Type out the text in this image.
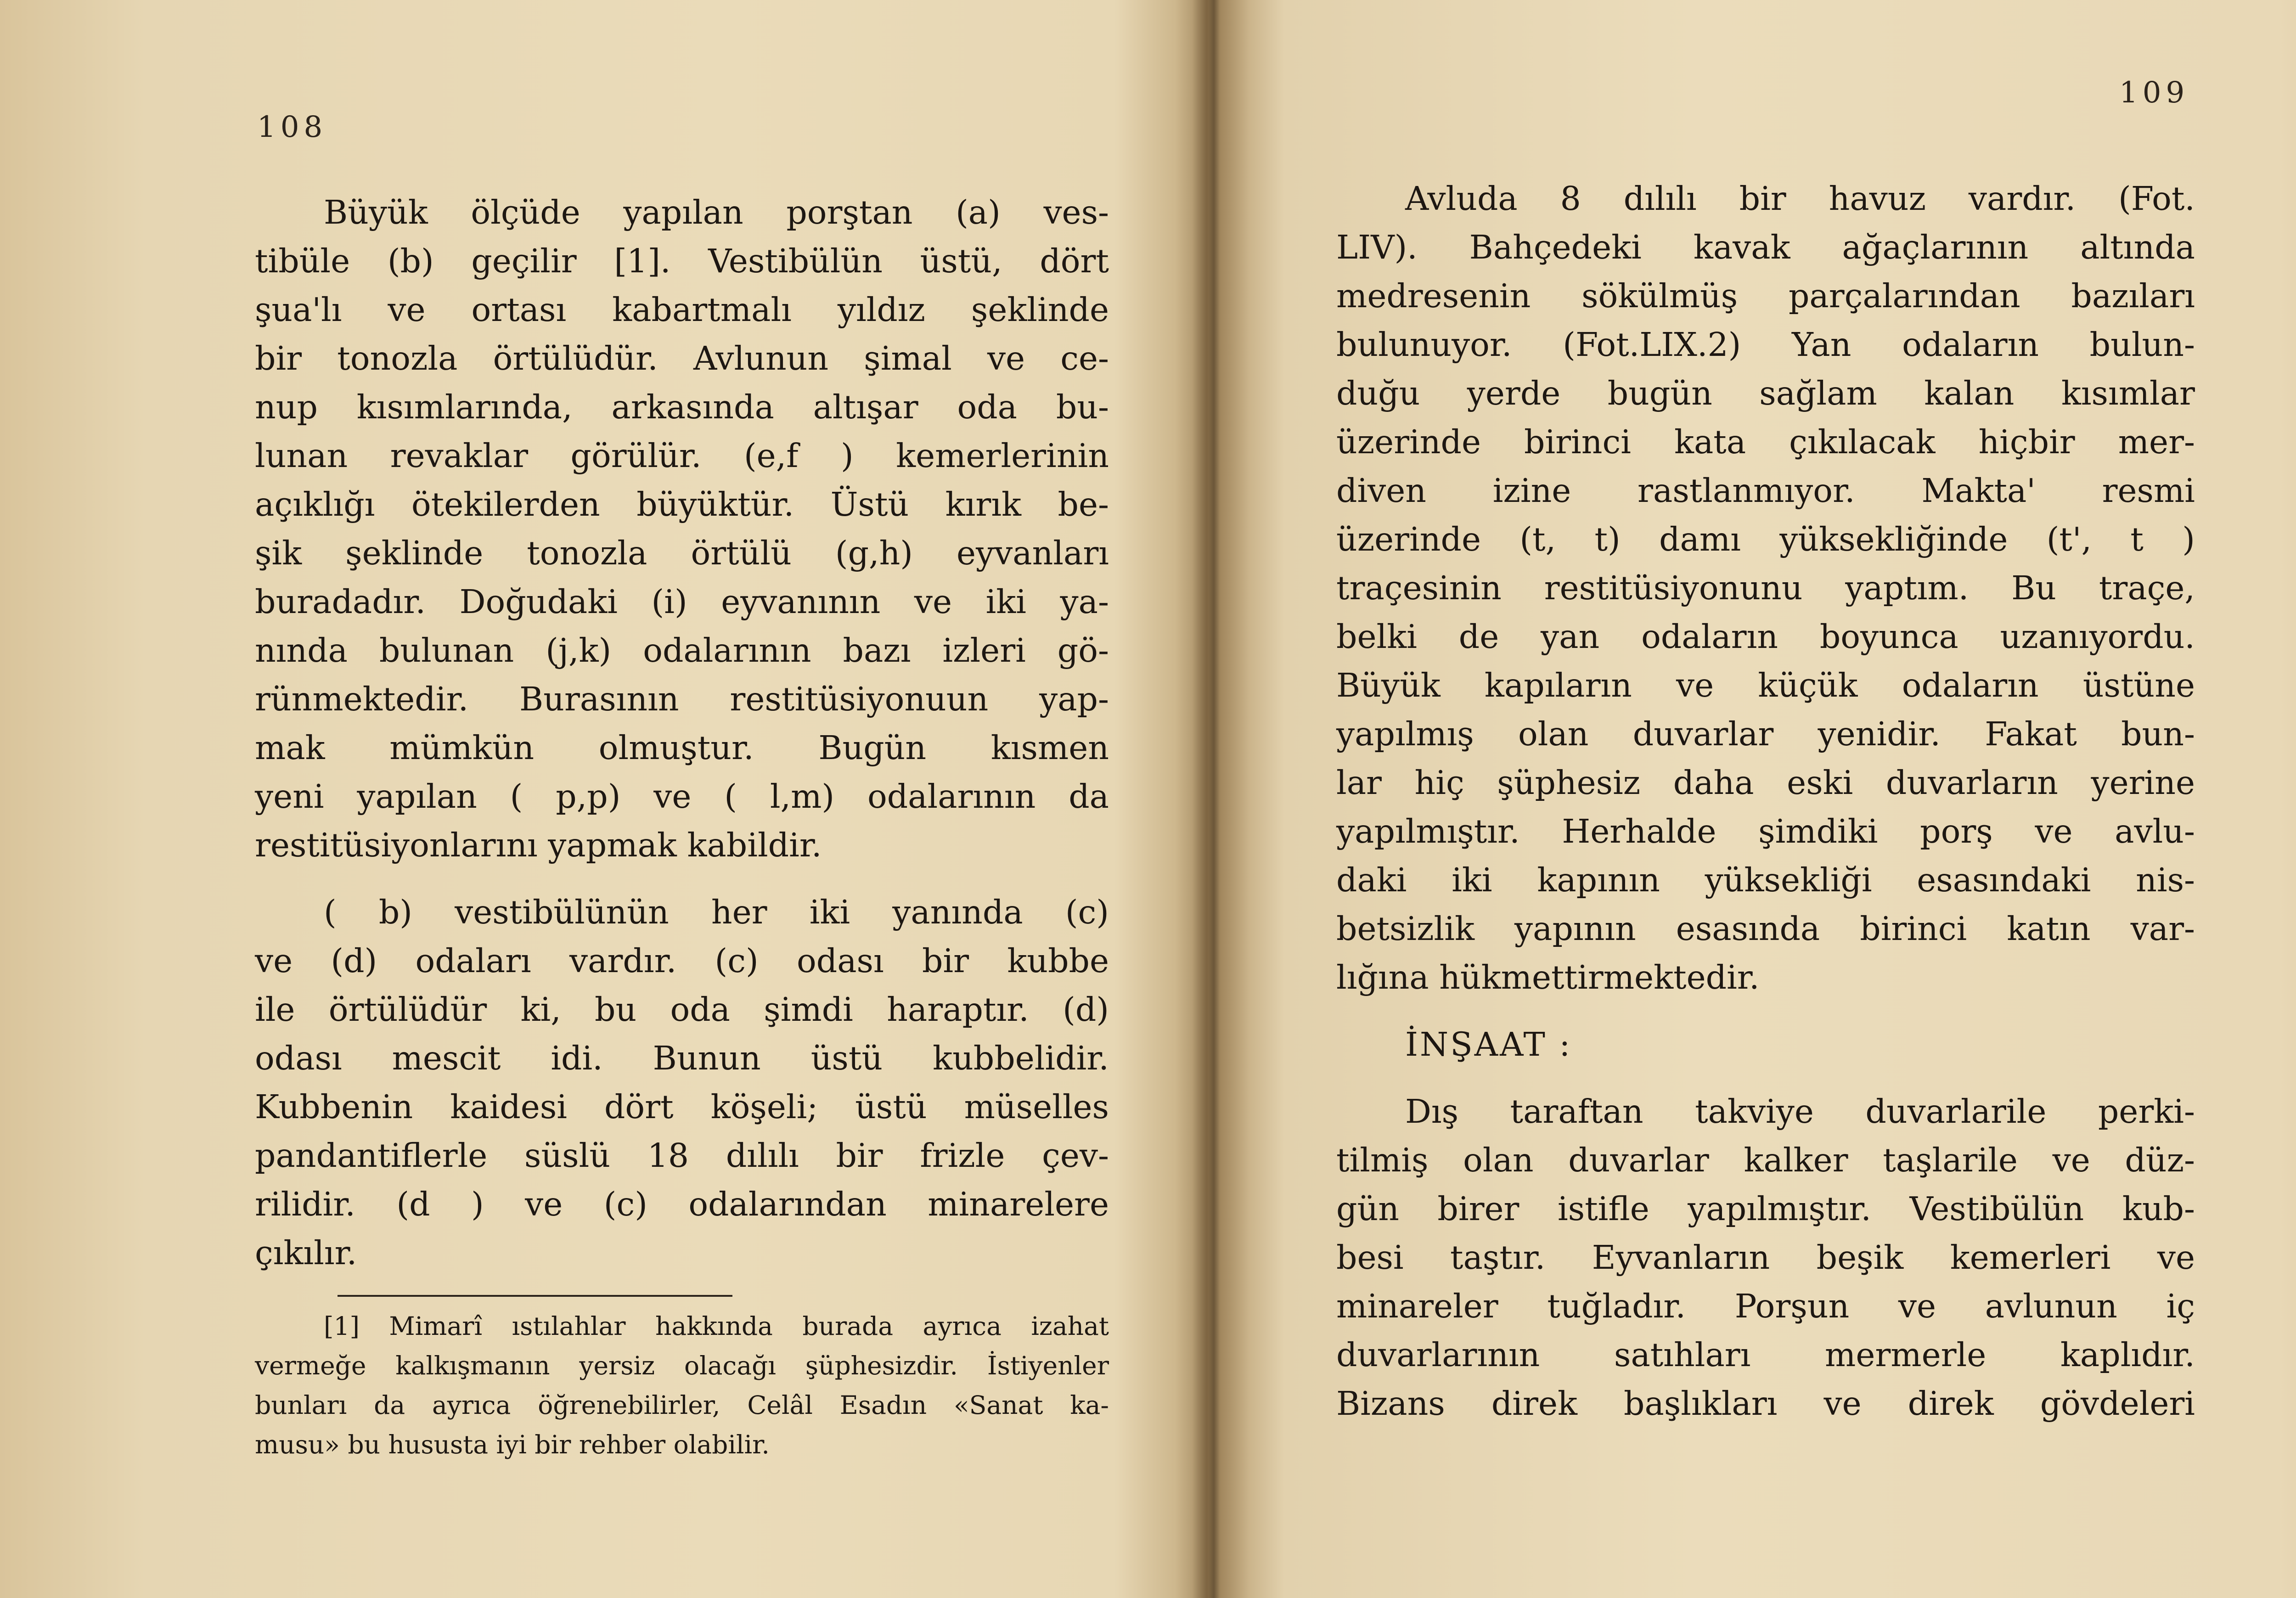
108
Büyük ölçüde yapılan porştan (a) ves-
tibüle (b) geçilir [1]. Vestibülün üstü, dört
şua'lı ve ortası kabartmalı yıldız şeklinde
bir tonozla örtülüdür. Avlunun şimal ve ce-
nup kısımlarında, arkasında altışar oda bu-
lunan revaklar görülür. (e,f ) kemerlerinin
açıklığı ötekilerden büyüktür. Üstü kırık be-
şik şeklinde tonozla örtülü (g,h) eyvanları
buradadır. Doğudaki (i) eyvanının ve iki ya-
nında bulunan (j,k) odalarının bazı izleri gö-
rünmektedir. Burasının restitüsiyonuun yap-
mak mümkün olmuştur. Bugün kısmen
yeni yapılan ( p,p) ve ( l,m) odalarının da
restitüsiyonlarını yapmak kabildir.
( b) vestibülünün her iki yanında (c)
ve (d) odaları vardır. (c) odası bir kubbe
ile örtülüdür ki, bu oda şimdi haraptır. (d)
odası mescit idi. Bunun üstü kubbelidir.
Kubbenin kaidesi dört köşeli; üstü müselles
pandantiflerle süslü 18 dılılı bir frizle çev-
rilidir. (d ) ve (c) odalarından minarelere
çıkılır.
[1] Mimarî ıstılahlar hakkında burada ayrıca izahat
vermeğe kalkışmanın yersiz olacağı şüphesizdir. İstiyenler
bunları da ayrıca öğrenebilirler, Celâl Esadın «Sanat ka-
musu» bu hususta iyi bir rehber olabilir.
109
Avluda 8 dılılı bir havuz vardır. (Fot.
LIV). Bahçedeki kavak ağaçlarının altında
medresenin sökülmüş parçalarından bazıları
bulunuyor. (Fot.LIX.2) Yan odaların bulun-
duğu yerde bugün sağlam kalan kısımlar
üzerinde birinci kata çıkılacak hiçbir mer-
diven izine rastlanmıyor. Makta' resmi
üzerinde (t, t) damı yüksekliğinde (t', t )
traçesinin restitüsiyonunu yaptım. Bu traçe,
belki de yan odaların boyunca uzanıyordu.
Büyük kapıların ve küçük odaların üstüne
yapılmış olan duvarlar yenidir. Fakat bun-
lar hiç şüphesiz daha eski duvarların yerine
yapılmıştır. Herhalde şimdiki porş ve avlu-
daki iki kapının yüksekliği esasındaki nis-
betsizlik yapının esasında birinci katın var-
lığına hükmettirmektedir.
İNŞAAT :
Dış taraftan takviye duvarlarile perki-
tilmiş olan duvarlar kalker taşlarile ve düz-
gün birer istifle yapılmıştır. Vestibülün kub-
besi taştır. Eyvanların beşik kemerleri ve
minareler tuğladır. Porşun ve avlunun iç
duvarlarının satıhları mermerle kaplıdır.
Bizans direk başlıkları ve direk gövdeleri
